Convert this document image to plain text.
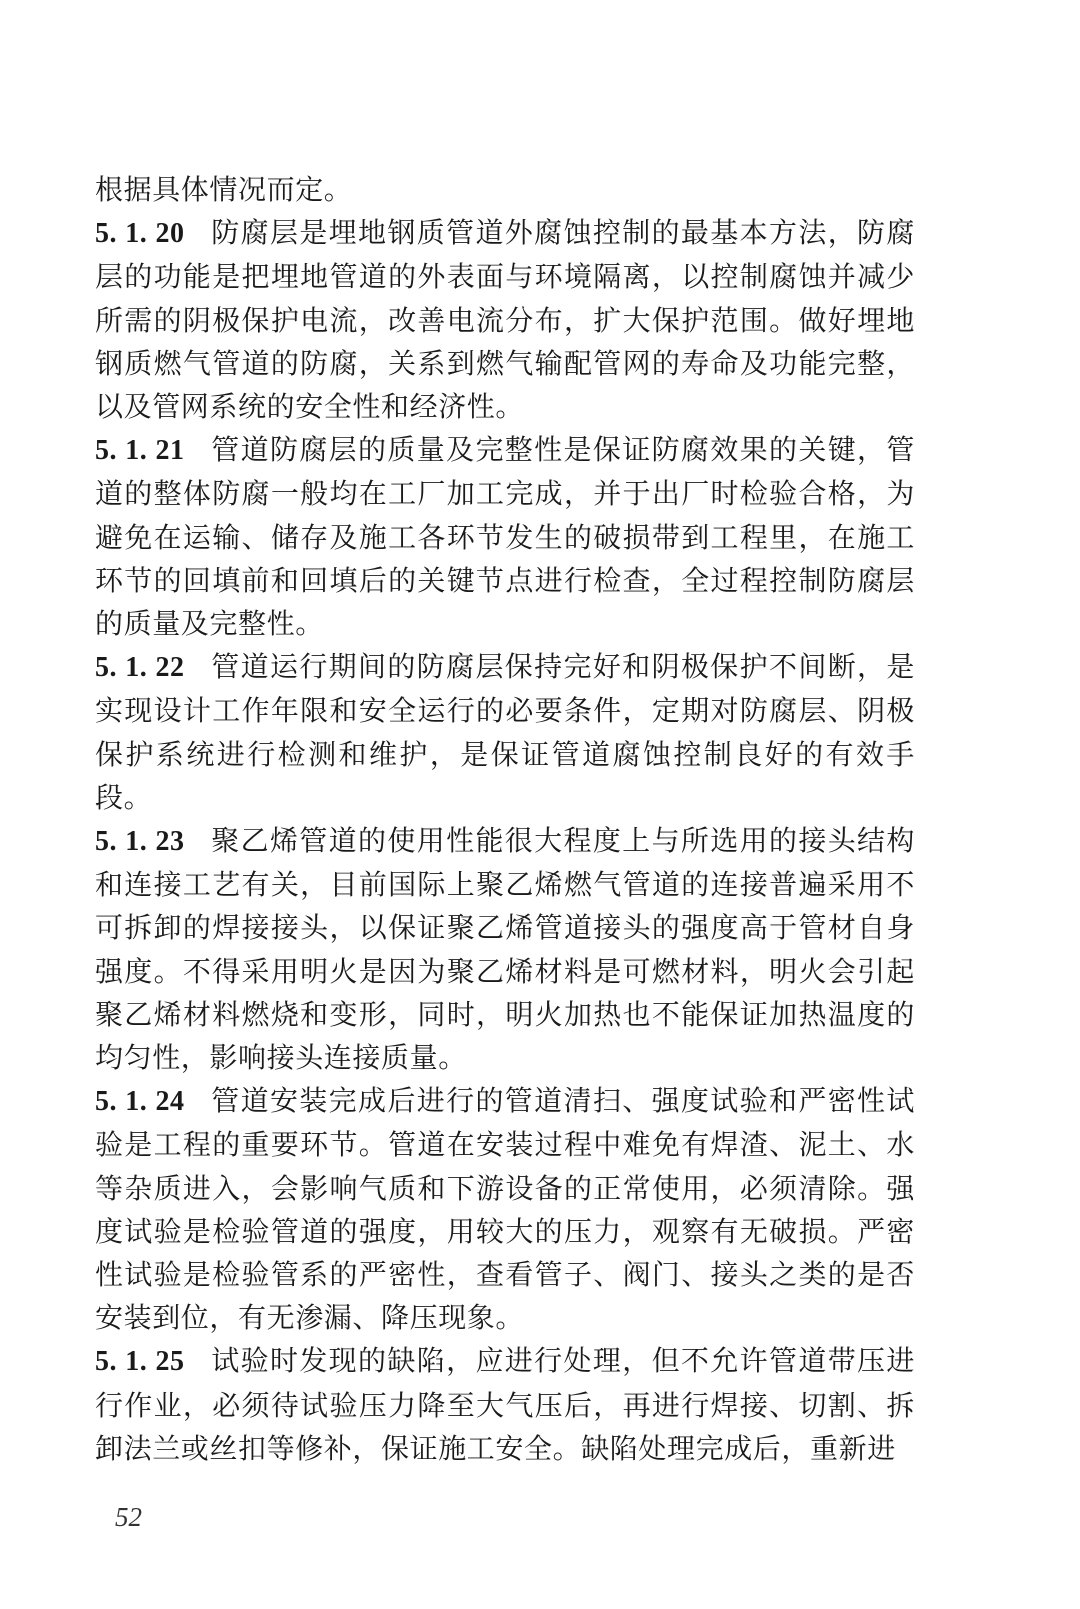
根据具体情况而定。

5. 1. 20 防腐层是埋地钢质管道外腐蚀控制的最基本方法，防腐层的功能是把埋地管道的外表面与环境隔离，以控制腐蚀并减少所需的阴极保护电流，改善电流分布，扩大保护范围。做好埋地钢质燃气管道的防腐，关系到燃气输配管网的寿命及功能完整，以及管网系统的安全性和经济性。

5. 1. 21 管道防腐层的质量及完整性是保证防腐效果的关键，管道的整体防腐一般均在工厂加工完成，并于出厂时检验合格，为避免在运输、储存及施工各环节发生的破损带到工程里，在施工环节的回填前和回填后的关键节点进行检查，全过程控制防腐层的质量及完整性。

5. 1. 22 管道运行期间的防腐层保持完好和阴极保护不间断，是实现设计工作年限和安全运行的必要条件，定期对防腐层、阴极保护系统进行检测和维护，是保证管道腐蚀控制良好的有效手段。

5. 1. 23 聚乙烯管道的使用性能很大程度上与所选用的接头结构和连接工艺有关，目前国际上聚乙烯燃气管道的连接普遍采用不可拆卸的焊接接头，以保证聚乙烯管道接头的强度高于管材自身强度。不得采用明火是因为聚乙烯材料是可燃材料，明火会引起聚乙烯材料燃烧和变形，同时，明火加热也不能保证加热温度的均匀性，影响接头连接质量。

5. 1. 24 管道安装完成后进行的管道清扫、强度试验和严密性试验是工程的重要环节。管道在安装过程中难免有焊渣、泥土、水等杂质进入，会影响气质和下游设备的正常使用，必须清除。强度试验是检验管道的强度，用较大的压力，观察有无破损。严密性试验是检验管系的严密性，查看管子、阀门、接头之类的是否安装到位，有无渗漏、降压现象。

5. 1. 25 试验时发现的缺陷，应进行处理，但不允许管道带压进行作业，必须待试验压力降至大气压后，再进行焊接、切割、拆卸法兰或丝扣等修补，保证施工安全。缺陷处理完成后，重新进

52
